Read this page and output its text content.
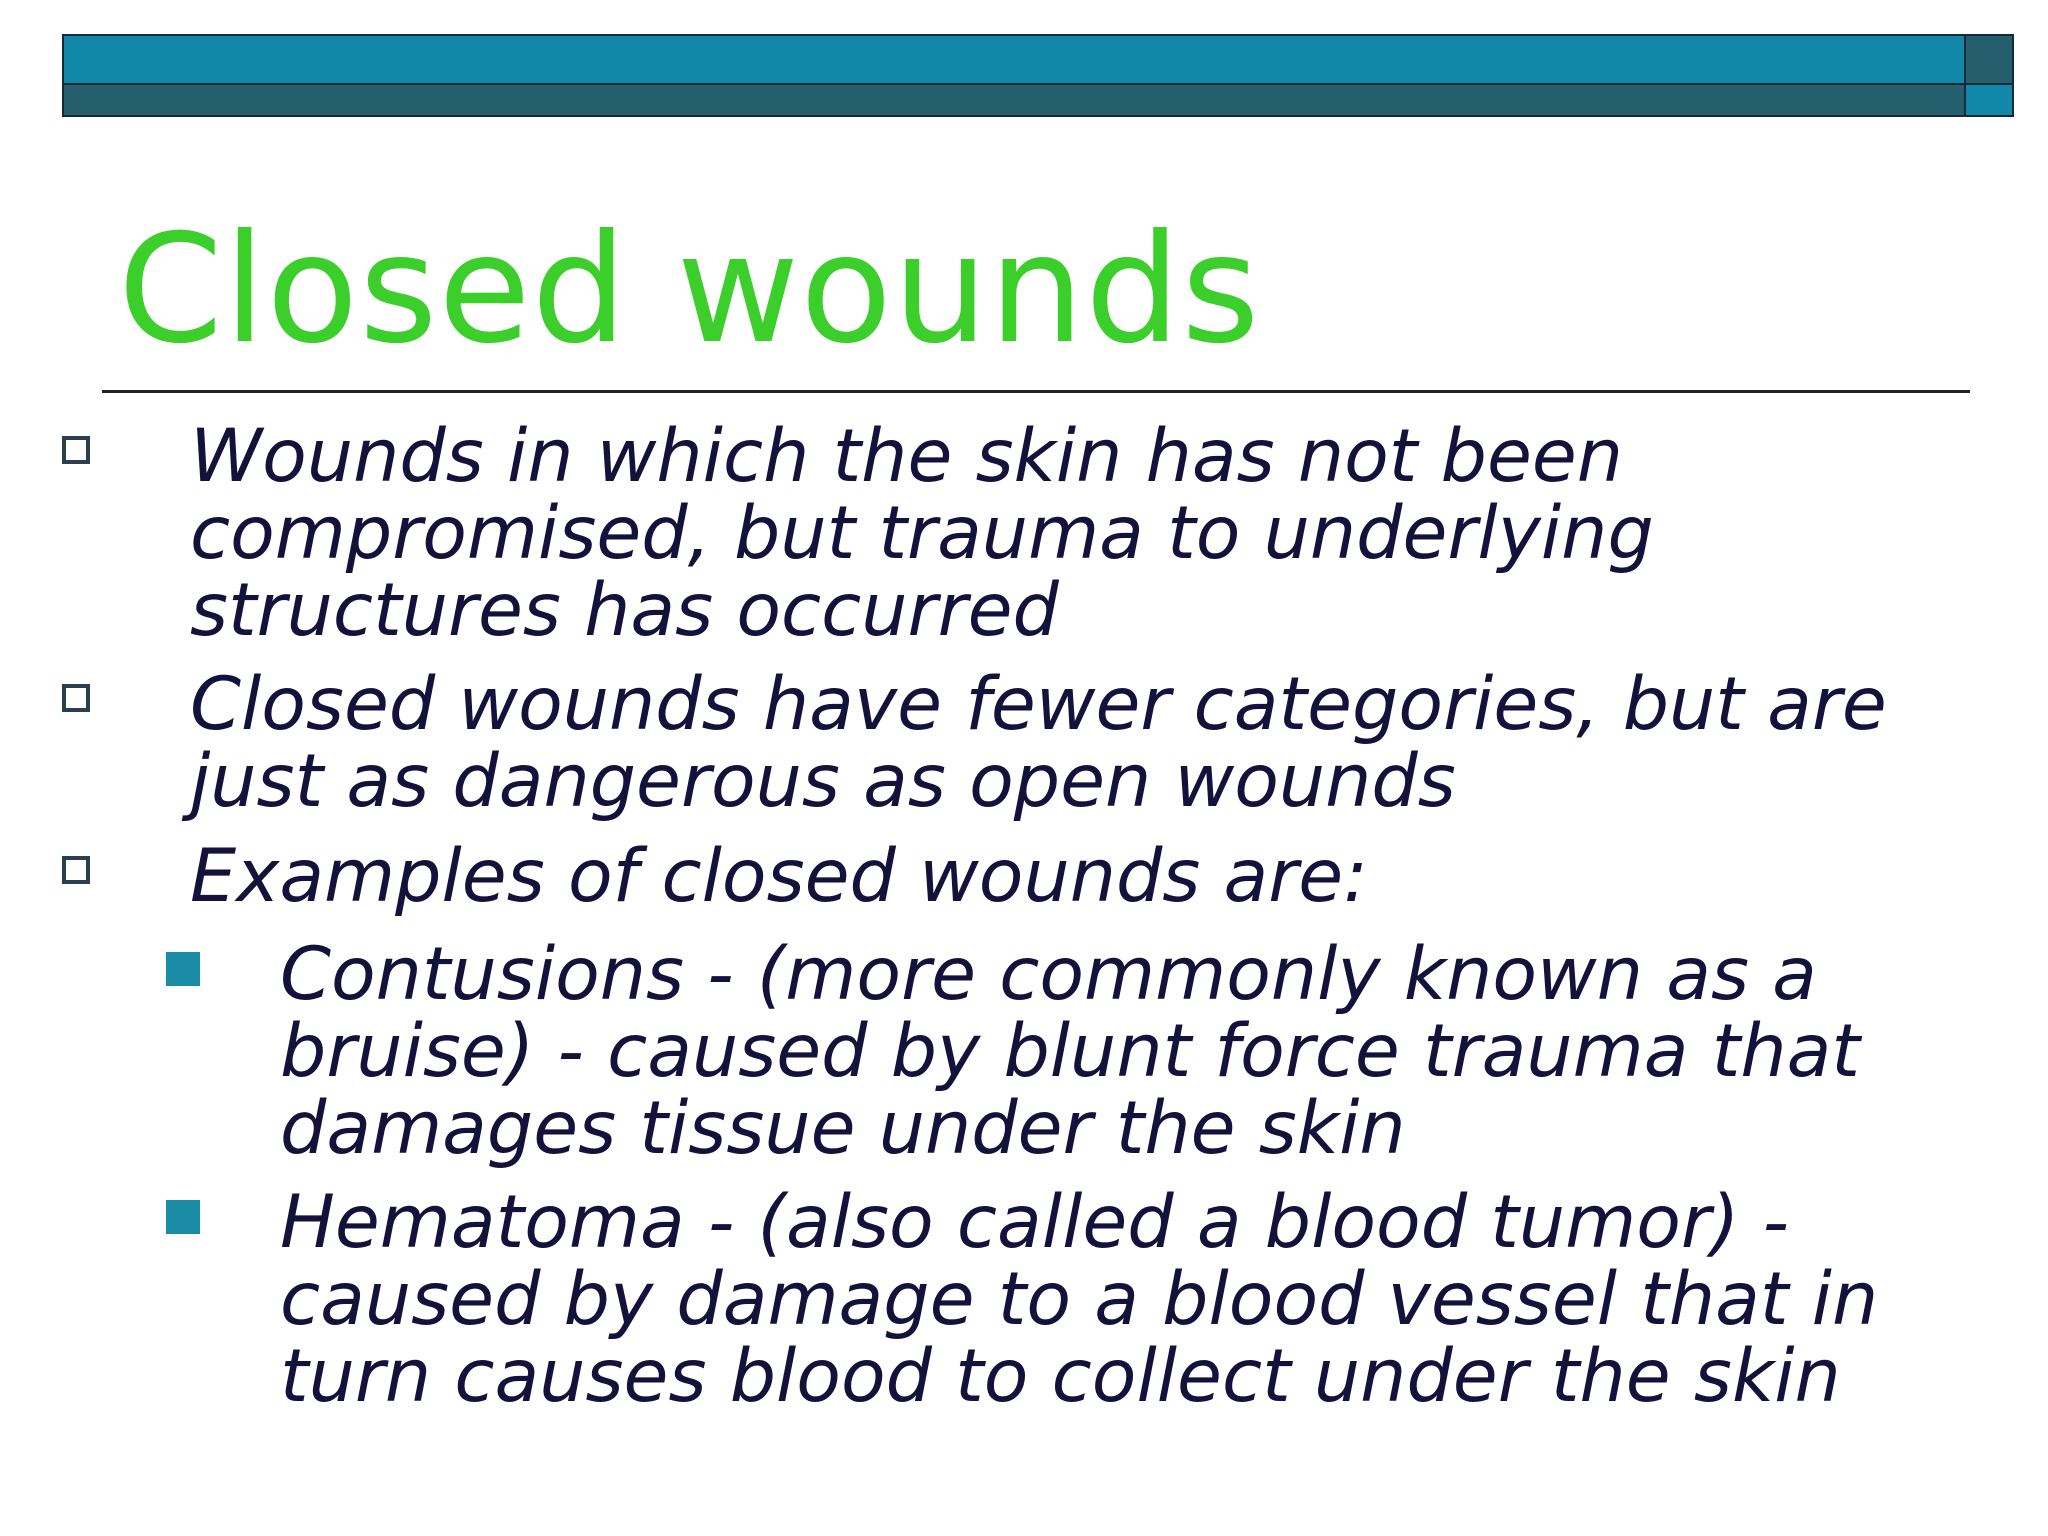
Closed wounds
Wounds in which the skin has not been compromised, but trauma to underlying structures has occurred
Closed wounds have fewer categories, but are just as dangerous as open wounds
Examples of closed wounds are:
Contusions - (more commonly known as a bruise) - caused by blunt force trauma that damages tissue under the skin
Hematoma - (also called a blood tumor) - caused by damage to a blood vessel that in turn causes blood to collect under the skin
